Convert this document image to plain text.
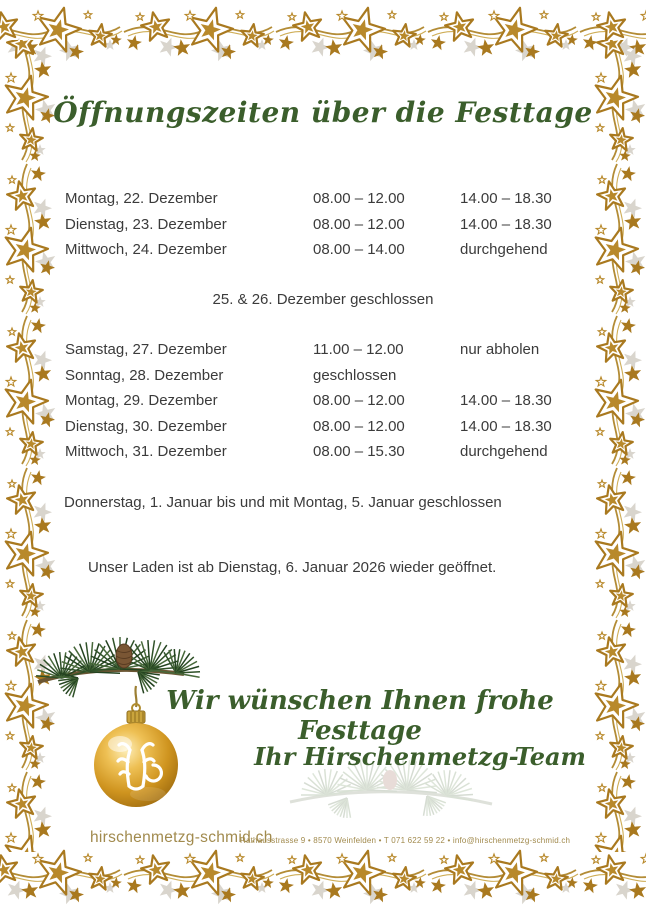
Öffnungszeiten über die Festtage
Montag, 22. Dezember	08.00 – 12.00	14.00 – 18.30
Dienstag, 23. Dezember	08.00 – 12.00	14.00 – 18.30
Mittwoch, 24. Dezember	08.00 – 14.00	durchgehend
25. & 26. Dezember geschlossen
Samstag, 27. Dezember	11.00 – 12.00	nur abholen
Sonntag, 28. Dezember	geschlossen
Montag, 29. Dezember	08.00 – 12.00	14.00 – 18.30
Dienstag, 30. Dezember	08.00 – 12.00	14.00 – 18.30
Mittwoch, 31. Dezember	08.00 – 15.30	durchgehend
Donnerstag, 1. Januar bis und mit Montag, 5. Januar geschlossen
Unser Laden ist ab Dienstag, 6. Januar 2026 wieder geöffnet.
Wir wünschen Ihnen frohe Festtage
Ihr Hirschenmetzg-Team
hirschenmetzg-schmid.ch
Rathausstrasse 9 • 8570 Weinfelden • T 071 622 59 22 • info@hirschenmetzg-schmid.ch
